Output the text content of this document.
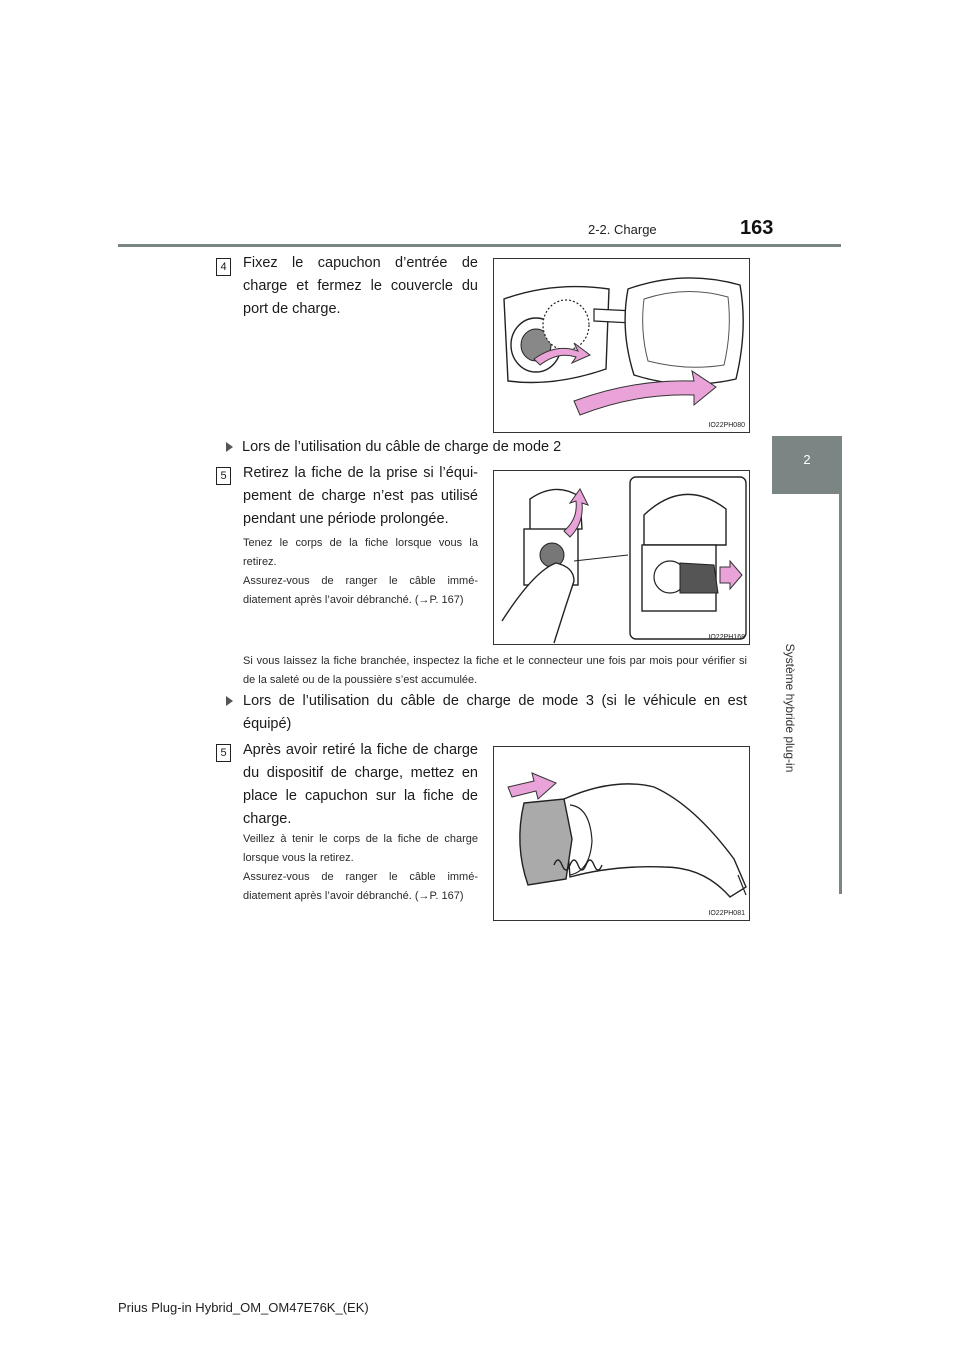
2-2. Charge	163
2
Système hybride plug-in
4	Fixez le capuchon d’entrée de charge et fermez le couvercle du port de charge.
IO22PH080
Lors de l’utilisation du câble de charge de mode 2
5	Retirez la fiche de la prise si l’équi-pement de charge n’est pas utilisé pendant une période prolongée.
Tenez le corps de la fiche lorsque vous la retirez.
Assurez-vous de ranger le câble immé-diatement après l’avoir débranché. (→P. 167)
IO22PH168
Si vous laissez la fiche branchée, inspectez la fiche et le connecteur une fois par mois pour vérifier si de la saleté ou de la poussière s’est accumulée.
Lors de l’utilisation du câble de charge de mode 3 (si le véhicule en est équipé)
5	Après avoir retiré la fiche de charge du dispositif de charge, mettez en place le capuchon sur la fiche de charge.
Veillez à tenir le corps de la fiche de charge lorsque vous la retirez.
Assurez-vous de ranger le câble immé-diatement après l’avoir débranché. (→P. 167)
IO22PH081
Prius Plug-in Hybrid_OM_OM47E76K_(EK)
